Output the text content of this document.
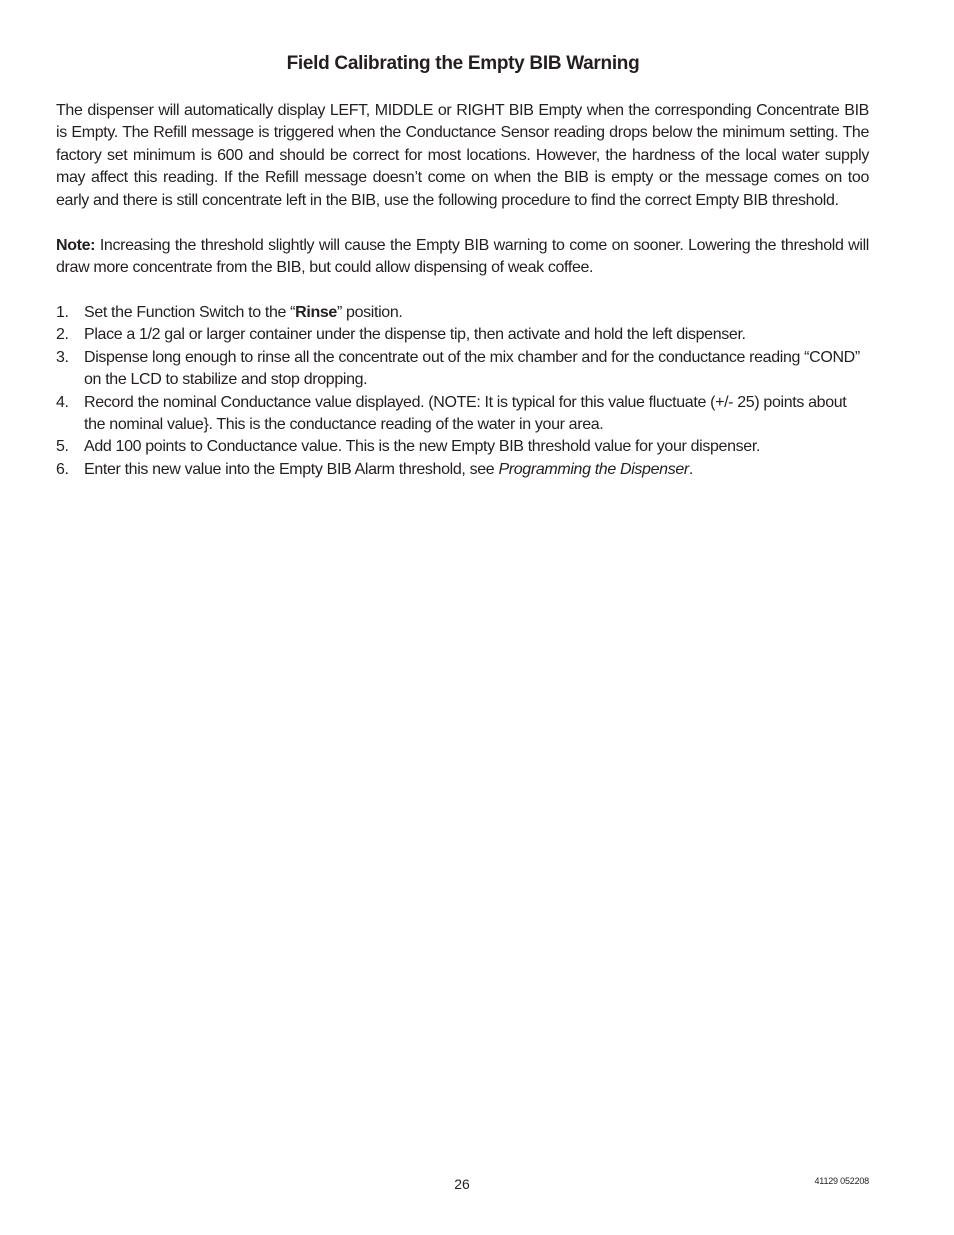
Field Calibrating the Empty BIB Warning

The dispenser will automatically display LEFT, MIDDLE or RIGHT BIB Empty when the corresponding Concentrate BIB is Empty. The Refill message is triggered when the Conductance Sensor reading drops below the minimum setting. The factory set minimum is 600 and should be correct for most locations. However, the hardness of the local water supply may affect this reading. If the Refill message doesn’t come on when the BIB is empty or the message comes on too early and there is still concentrate left in the BIB, use the following procedure to find the correct Empty BIB threshold.

Note: Increasing the threshold slightly will cause the Empty BIB warning to come on sooner. Lowering the threshold will draw more concentrate from the BIB, but could allow dispensing of weak coffee.

1. Set the Function Switch to the “Rinse” position.
2. Place a 1/2 gal or larger container under the dispense tip, then activate and hold the left dispenser.
3. Dispense long enough to rinse all the concentrate out of the mix chamber and for the conductance reading “COND” on the LCD to stabilize and stop dropping.
4. Record the nominal Conductance value displayed. (NOTE: It is typical for this value fluctuate (+/- 25) points about the nominal value}. This is the conductance reading of the water in your area.
5. Add 100 points to Conductance value. This is the new Empty BIB threshold value for your dispenser.
6. Enter this new value into the Empty BIB Alarm threshold, see Programming the Dispenser.
26	41129 052208
